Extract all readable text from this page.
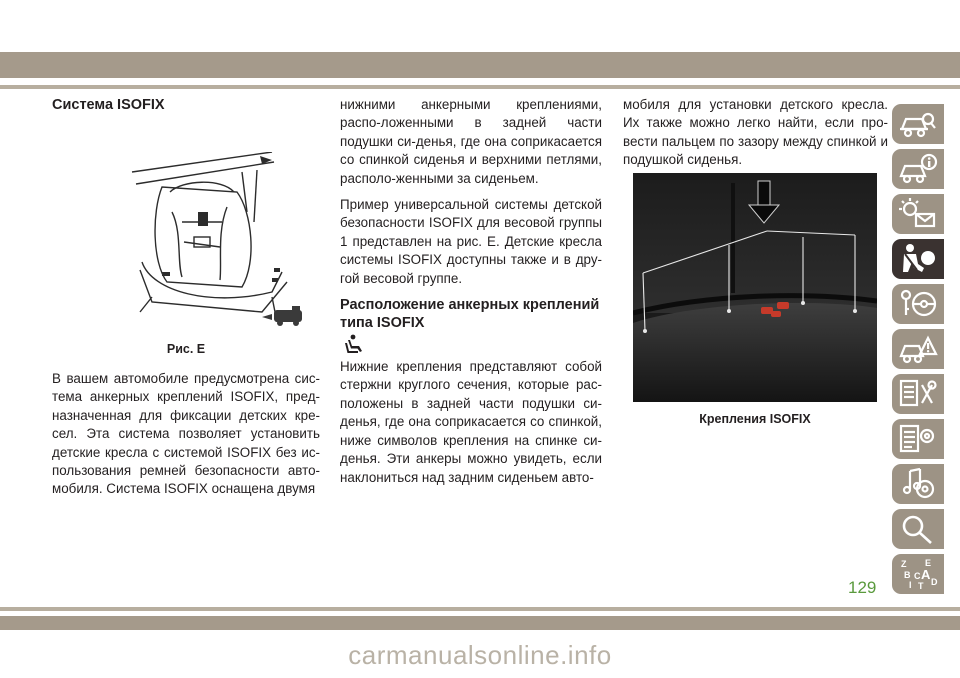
Система ISOFIX
Рис. E

В вашем автомобиле предусмотрена сис-тема анкерных креплений ISOFIX, пред-назначенная для фиксации детских кре-сел. Эта система позволяет установить детские кресла с системой ISOFIX без ис-пользования ремней безопасности авто-мобиля. Система ISOFIX оснащена двумя

нижними анкерными креплениями, распо-ложенными в задней части подушки си-денья, где она соприкасается со спинкой сиденья и верхними петлями, располо-женными за сиденьем.

Пример универсальной системы детской безопасности ISOFIX для весовой группы 1 представлен на рис. E. Детские кресла системы ISOFIX доступны также и в дру-гой весовой группе.

Расположение анкерных креплений типа ISOFIX

Нижние крепления представляют собой стержни круглого сечения, которые рас-положены в задней части подушки си-денья, где она соприкасается со спинкой, ниже символов крепления на спинке си-денья. Эти анкеры можно увидеть, если наклониться над задним сиденьем авто-

мобиля для установки детского кресла. Их также можно легко найти, если про-вести пальцем по зазору между спинкой и подушкой сиденья.

Крепления ISOFIX
Z E
B A
I
C
T D
129
carmanualsonline.info
